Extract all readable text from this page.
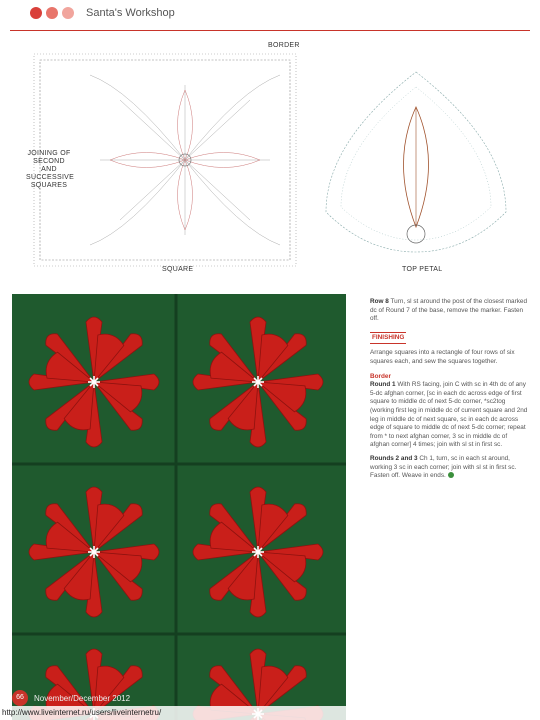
Santa's Workshop
BORDER
JOINING OF SECOND AND SUCCESSIVE SQUARES
SQUARE	TOP PETAL

Row 8 Turn, sl st around the post of the closest marked dc of Round 7 of the base, remove the marker. Fasten off.

FINISHING

Arrange squares into a rectangle of four rows of six squares each, and sew the squares together.

Border

Round 1 With RS facing, join C with sc in 4th dc of any 5-dc afghan corner, [sc in each dc across edge of first square to middle dc of next 5-dc corner, *sc2tog (working first leg in middle dc of current square and 2nd leg in middle dc of next square, sc in each dc across edge of square to middle dc of next 5-dc corner; repeat from * to next afghan corner, 3 sc in middle dc of afghan corner] 4 times; join with sl st in first sc.

Rounds 2 and 3 Ch 1, turn, sc in each st around, working 3 sc in each corner; join with sl st in first sc. Fasten off. Weave in ends.

66	November/December 2012
http://www.liveinternet.ru/users/liveinternetru/
